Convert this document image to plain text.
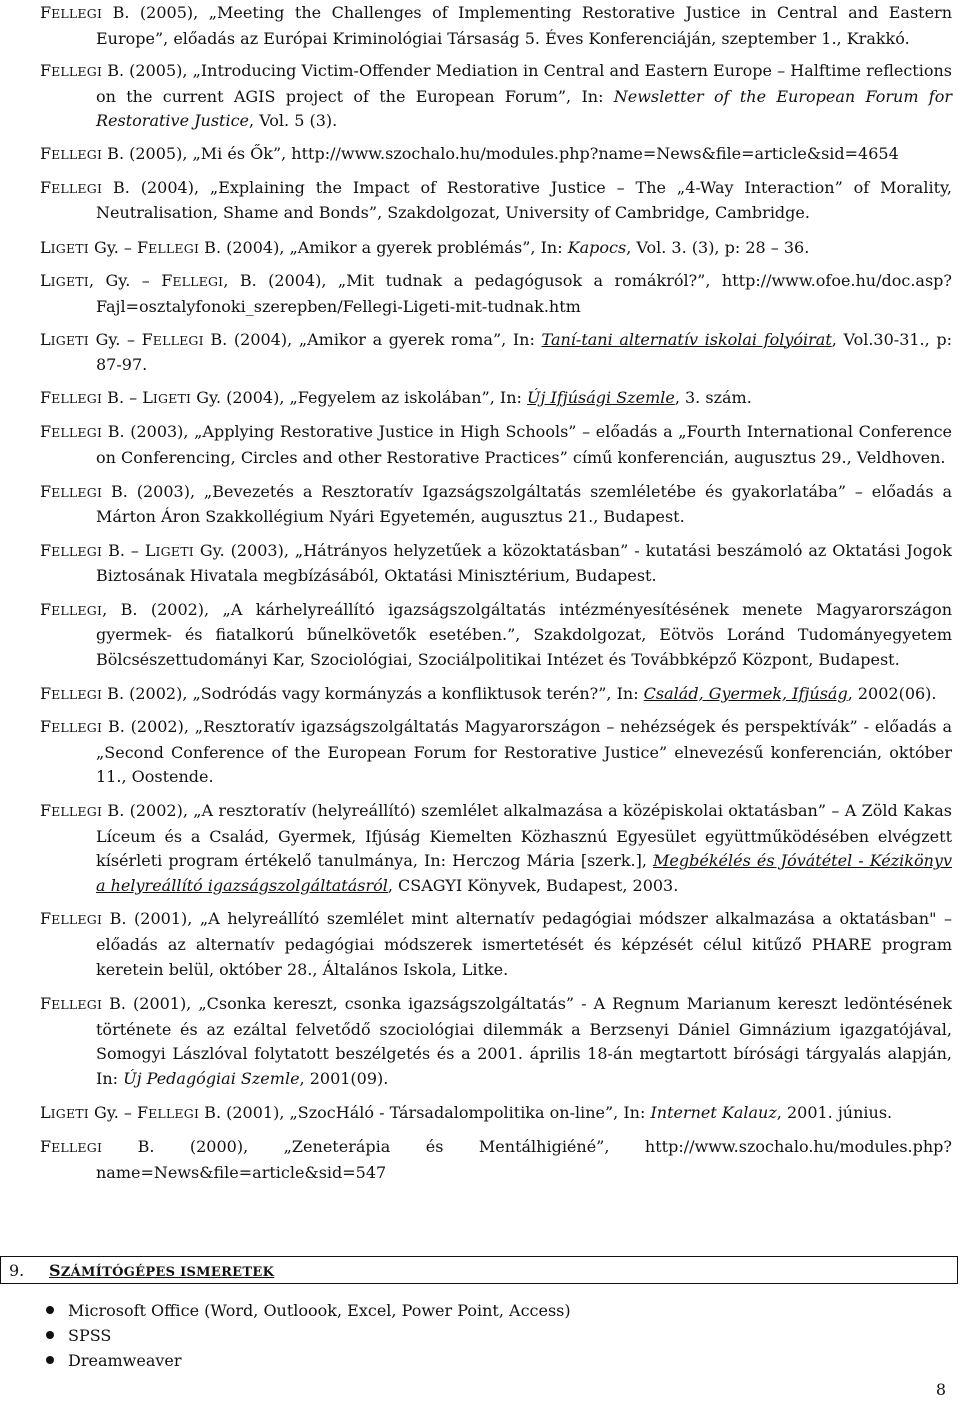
FELLEGI B. (2005), „Meeting the Challenges of Implementing Restorative Justice in Central and Eastern Europe”, előadás az Európai Kriminológiai Társaság 5. Éves Konferenciáján, szeptember 1., Krakkó.

FELLEGI B. (2005), „Introducing Victim-Offender Mediation in Central and Eastern Europe – Halftime reflections on the current AGIS project of the European Forum”, In: Newsletter of the European Forum for Restorative Justice, Vol. 5 (3).

FELLEGI B. (2005), „Mi és Ők”, http://www.szochalo.hu/modules.php?name=News&file=article&sid=4654

FELLEGI B. (2004), „Explaining the Impact of Restorative Justice – The „4-Way Interaction” of Morality, Neutralisation, Shame and Bonds”, Szakdolgozat, University of Cambridge, Cambridge.

LIGETI Gy. – FELLEGI B. (2004), „Amikor a gyerek problémás”, In: Kapocs, Vol. 3. (3), p: 28 – 36.

LIGETI, Gy. – FELLEGI, B. (2004), „Mit tudnak a pedagógusok a romákról?”, http://www.ofoe.hu/doc.asp?Fajl=osztalyfonoki_szerepben/Fellegi-Ligeti-mit-tudnak.htm

LIGETI Gy. – FELLEGI B. (2004), „Amikor a gyerek roma”, In: Taní-tani alternatív iskolai folyóirat, Vol.30-31., p: 87-97.

FELLEGI B. – LIGETI Gy. (2004), „Fegyelem az iskolában”, In: Új Ifjúsági Szemle, 3. szám.

FELLEGI B. (2003), „Applying Restorative Justice in High Schools” – előadás a „Fourth International Conference on Conferencing, Circles and other Restorative Practices” című konferencián, augusztus 29., Veldhoven.

FELLEGI B. (2003), „Bevezetés a Resztoratív Igazságszolgáltatás szemléletébe és gyakorlatába” – előadás a Márton Áron Szakkollégium Nyári Egyetemén, augusztus 21., Budapest.

FELLEGI B. – LIGETI Gy. (2003), „Hátrányos helyzetűek a közoktatásban” - kutatási beszámoló az Oktatási Jogok Biztosának Hivatala megbízásából, Oktatási Minisztérium, Budapest.

FELLEGI, B. (2002), „A kárhelyreállító igazságszolgáltatás intézményesítésének menete Magyarországon gyermek- és fiatalkorú bűnelkövetők esetében.”, Szakdolgozat, Eötvös Loránd Tudományegyetem Bölcsészettudományi Kar, Szociológiai, Szociálpolitikai Intézet és Továbbképző Központ, Budapest.

FELLEGI B. (2002), „Sodródás vagy kormányzás a konfliktusok terén?”, In: Család, Gyermek, Ifjúság, 2002(06).

FELLEGI B. (2002), „Resztoratív igazságszolgáltatás Magyarországon – nehézségek és perspektívák” - előadás a „Second Conference of the European Forum for Restorative Justice” elnevezésű konferencián, október 11., Oostende.

FELLEGI B. (2002), „A resztoratív (helyreállító) szemlélet alkalmazása a középiskolai oktatásban” – A Zöld Kakas Líceum és a Család, Gyermek, Ifjúság Kiemelten Közhasznú Egyesület együttműködésében elvégzett kísérleti program értékelő tanulmánya, In: Herczog Mária [szerk.], Megbékélés és Jóvátétel - Kézikönyv a helyreállító igazságszolgáltatásról, CSAGYI Könyvek, Budapest, 2003.

FELLEGI B. (2001), „A helyreállító szemlélet mint alternatív pedagógiai módszer alkalmazása a oktatásban" – előadás az alternatív pedagógiai módszerek ismertetését és képzését célul kitűző PHARE program keretein belül, október 28., Általános Iskola, Litke.

FELLEGI B. (2001), „Csonka kereszt, csonka igazságszolgáltatás” - A Regnum Marianum kereszt ledöntésének története és az ezáltal felvetődő szociológiai dilemmák a Berzsenyi Dániel Gimnázium igazgatójával, Somogyi Lászlóval folytatott beszélgetés és a 2001. április 18-án megtartott bírósági tárgyalás alapján, In: Új Pedagógiai Szemle, 2001(09).

LIGETI Gy. – FELLEGI B. (2001), „SzocHáló - Társadalompolitika on-line”, In: Internet Kalauz, 2001. június.

FELLEGI B. (2000), „Zeneterápia és Mentálhigiéné”, http://www.szochalo.hu/modules.php?name=News&file=article&sid=547

9.	SZÁMÍTÓGÉPES ISMERETEK
Microsoft Office (Word, Outloook, Excel, Power Point, Access)
SPSS
Dreamweaver
8
